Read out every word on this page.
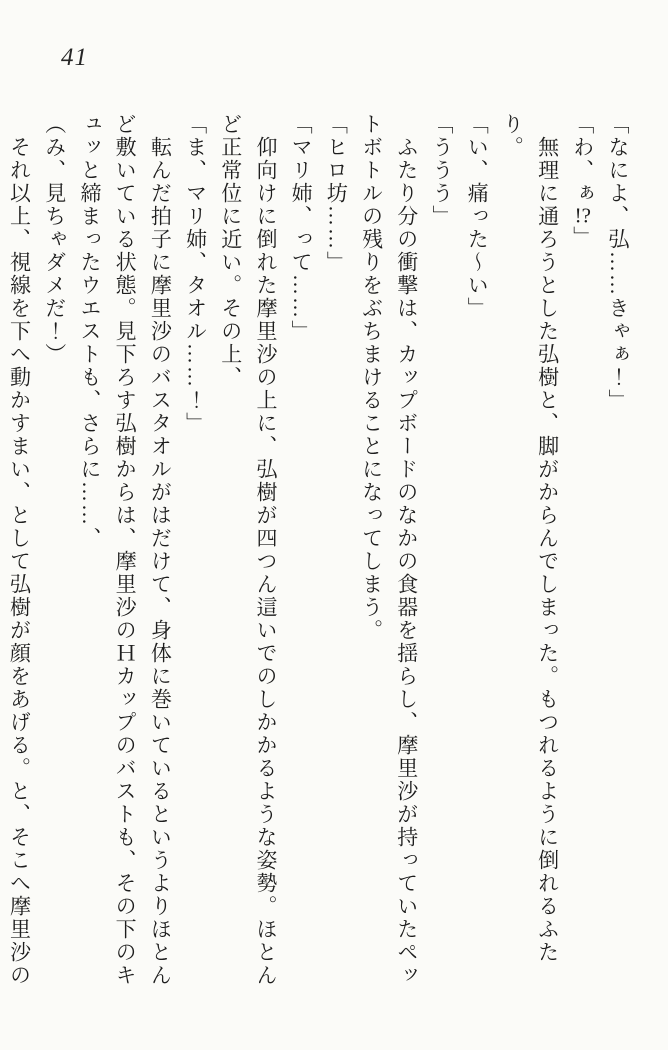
41

「なによ、弘……きゃぁ！」

「わ、ぁ!?」

無理に通ろうとした弘樹と、脚がからんでしまった。もつれるように倒れるふたり。

「い、痛った〜い」

「ううう」

ふたり分の衝撃は、カップボードのなかの食器を揺らし、摩里沙が持っていたペットボトルの残りをぶちまけることになってしまう。

「ヒロ坊……」

「マリ姉、って……」

仰向けに倒れた摩里沙の上に、弘樹が四つん這いでのしかかるような姿勢。ほとんど正常位に近い。その上、

「ま、マリ姉、タオル……！」

転んだ拍子に摩里沙のバスタオルがはだけて、身体に巻いているというよりほとんど敷いている状態。見下ろす弘樹からは、摩里沙のＨカップのバストも、その下のキュッと締まったウエストも、さらに……、

（み、見ちゃダメだ！）

それ以上、視線を下へ動かすまい、として弘樹が顔をあげる。と、そこへ摩里沙の
